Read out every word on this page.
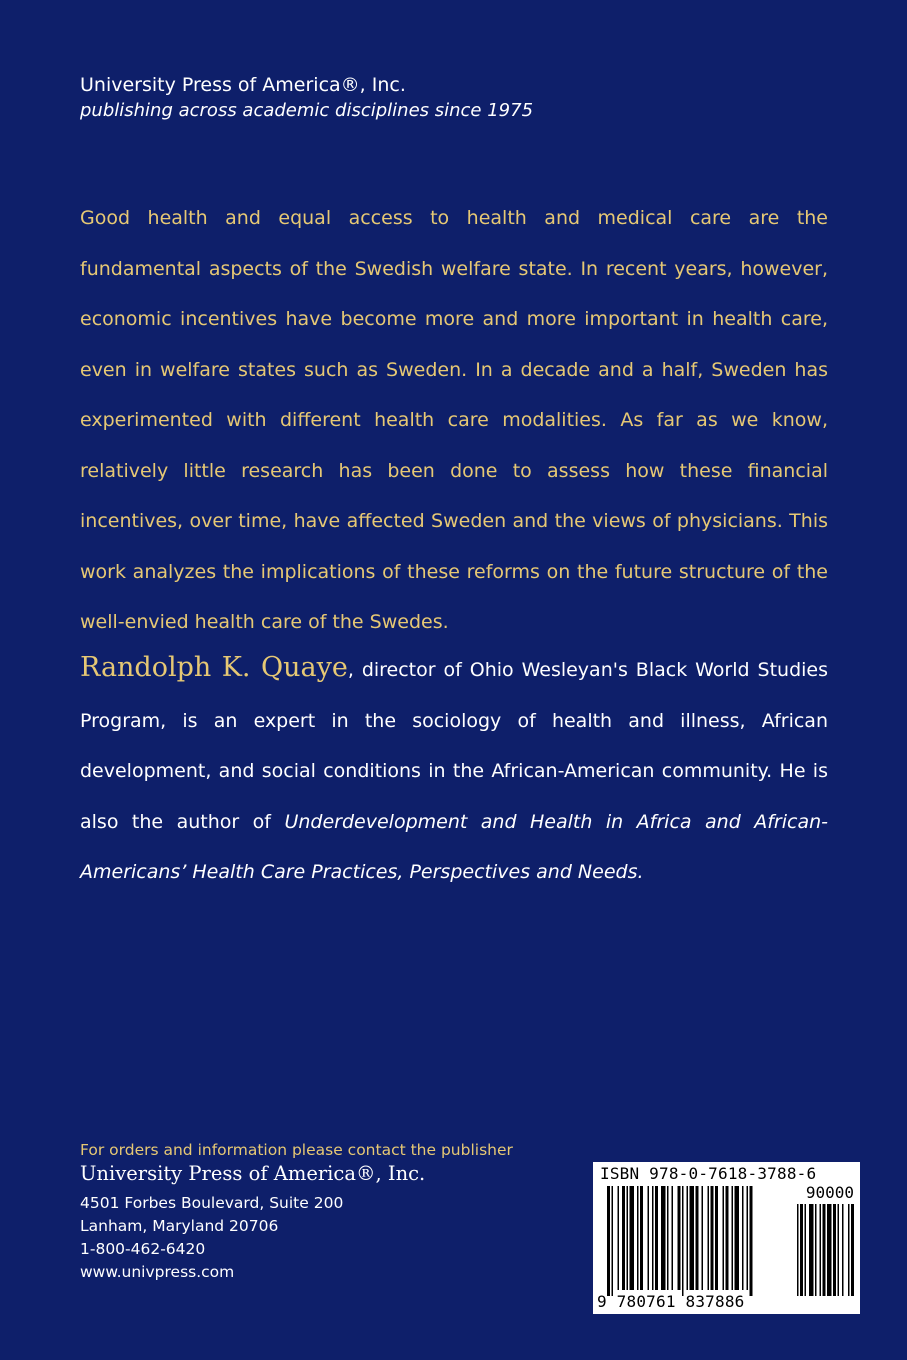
University Press of America®, Inc.
publishing across academic disciplines since 1975

Good health and equal access to health and medical care are the fundamental aspects of the Swedish welfare state. In recent years, however, economic incentives have become more and more important in health care, even in welfare states such as Sweden. In a decade and a half, Sweden has experimented with different health care modalities. As far as we know, relatively little research has been done to assess how these financial incentives, over time, have affected Sweden and the views of physicians. This work analyzes the implications of these reforms on the future structure of the well-envied health care of the Swedes.

Randolph K. Quaye, director of Ohio Wesleyan's Black World Studies Program, is an expert in the sociology of health and illness, African development, and social conditions in the African-American community. He is also the author of Underdevelopment and Health in Africa and African-Americans’ Health Care Practices, Perspectives and Needs.

For orders and information please contact the publisher
University Press of America®, Inc.
4501 Forbes Boulevard, Suite 200
Lanham, Maryland 20706
1-800-462-6420
www.univpress.com
ISBN 978-0-7618-3788-6
90000
9 780761 837886
